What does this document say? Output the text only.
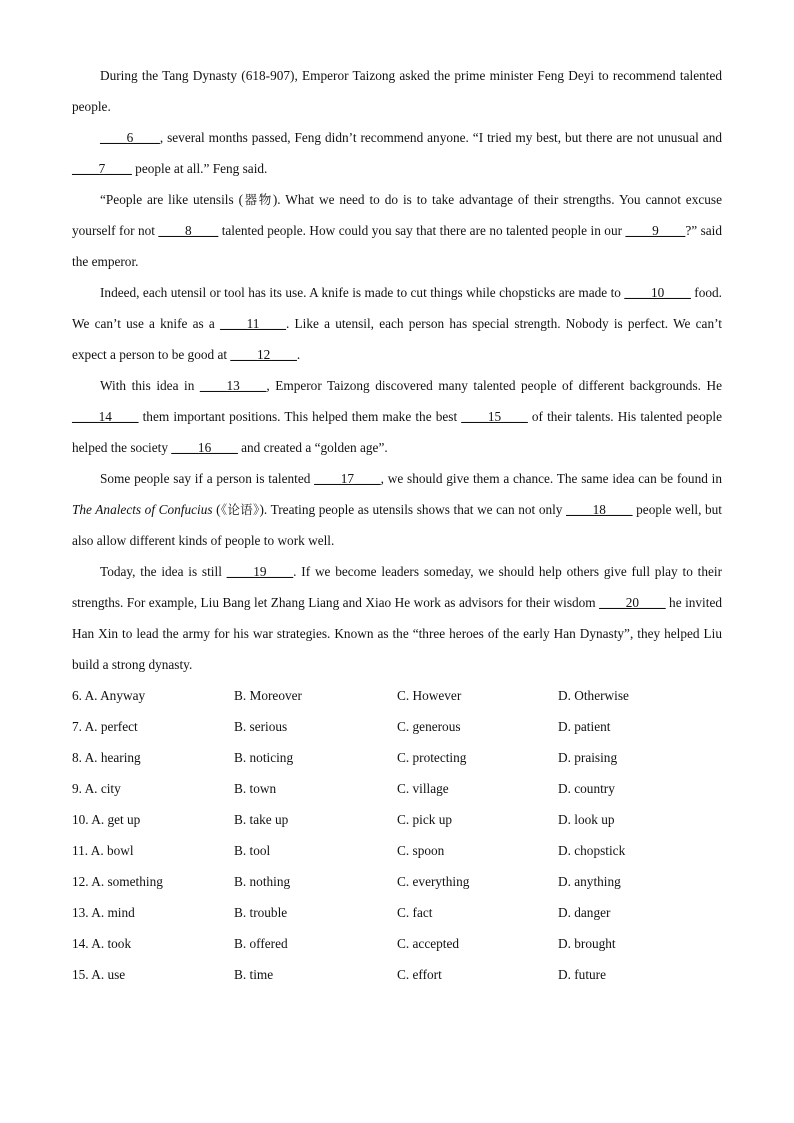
During the Tang Dynasty (618-907), Emperor Taizong asked the prime minister Feng Deyi to recommend talented people.

____6____, several months passed, Feng didn’t recommend anyone. “I tried my best, but there are not unusual and ____7____ people at all.” Feng said.

“People are like utensils (器物). What we need to do is to take advantage of their strengths. You cannot excuse yourself for not ____8____ talented people. How could you say that there are no talented people in our ____9____?” said the emperor.

Indeed, each utensil or tool has its use. A knife is made to cut things while chopsticks are made to ____10____ food. We can’t use a knife as a ____11____. Like a utensil, each person has special strength. Nobody is perfect. We can’t expect a person to be good at ____12____.

With this idea in ____13____, Emperor Taizong discovered many talented people of different backgrounds. He ____14____ them important positions. This helped them make the best ____15____ of their talents. His talented people helped the society ____16____ and created a “golden age”.

Some people say if a person is talented ____17____, we should give them a chance. The same idea can be found in The Analects of Confucius (《论语》). Treating people as utensils shows that we can not only ____18____ people well, but also allow different kinds of people to work well.

Today, the idea is still ____19____. If we become leaders someday, we should help others give full play to their strengths. For example, Liu Bang let Zhang Liang and Xiao He work as advisors for their wisdom ____20____ he invited Han Xin to lead the army for his war strategies. Known as the “three heroes of the early Han Dynasty”, they helped Liu build a strong dynasty.

6. A. Anyway	B. Moreover	C. However	D. Otherwise
7. A. perfect	B. serious	C. generous	D. patient
8. A. hearing	B. noticing	C. protecting	D. praising
9. A. city	B. town	C. village	D. country
10. A. get up	B. take up	C. pick up	D. look up
11. A. bowl	B. tool	C. spoon	D. chopstick
12. A. something	B. nothing	C. everything	D. anything
13. A. mind	B. trouble	C. fact	D. danger
14. A. took	B. offered	C. accepted	D. brought
15. A. use	B. time	C. effort	D. future
